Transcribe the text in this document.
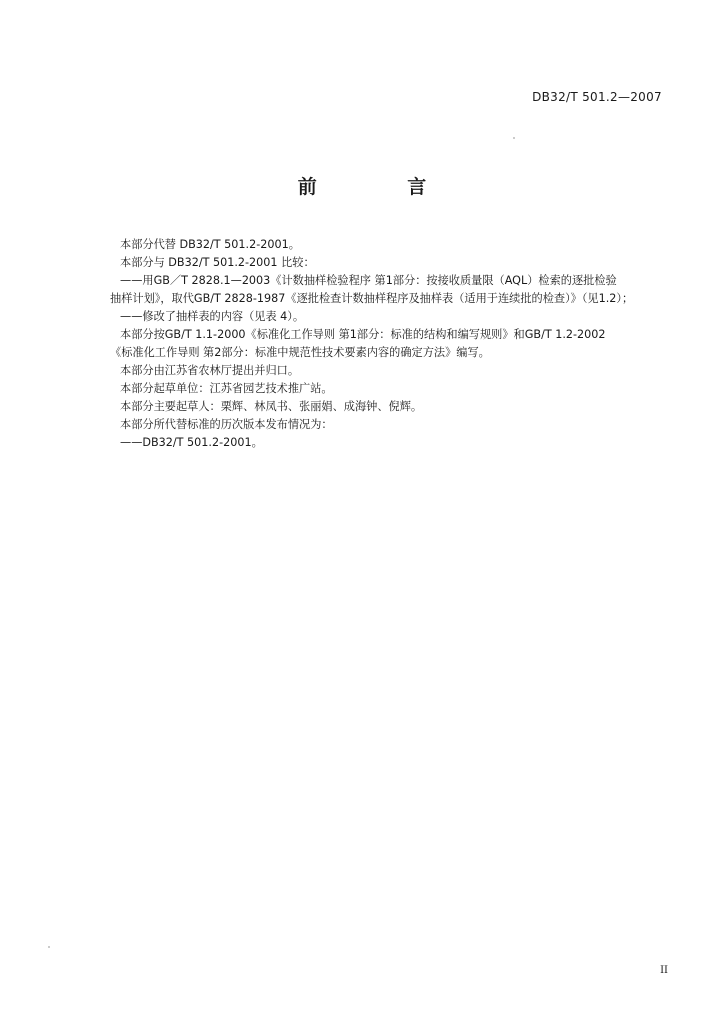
DB32/T 501.2—2007
前 言
本部分代替 DB32/T 501.2-2001。
本部分与 DB32/T 501.2-2001 比较：
——用GB／T 2828.1—2003《计数抽样检验程序 第1部分：按接收质量限（AQL）检索的逐批检验
抽样计划》，取代GB/T 2828-1987《逐批检查计数抽样程序及抽样表（适用于连续批的检查）》（见1.2）；
——修改了抽样表的内容（见表 4）。
本部分按GB/T 1.1-2000《标准化工作导则 第1部分：标准的结构和编写规则》和GB/T 1.2-2002
《标准化工作导则 第2部分：标准中规范性技术要素内容的确定方法》编写。
本部分由江苏省农林厅提出并归口。
本部分起草单位：江苏省园艺技术推广站。
本部分主要起草人：栗辉、林凤书、张丽娟、成海钟、倪辉。
本部分所代替标准的历次版本发布情况为：
——DB32/T 501.2-2001。
II
